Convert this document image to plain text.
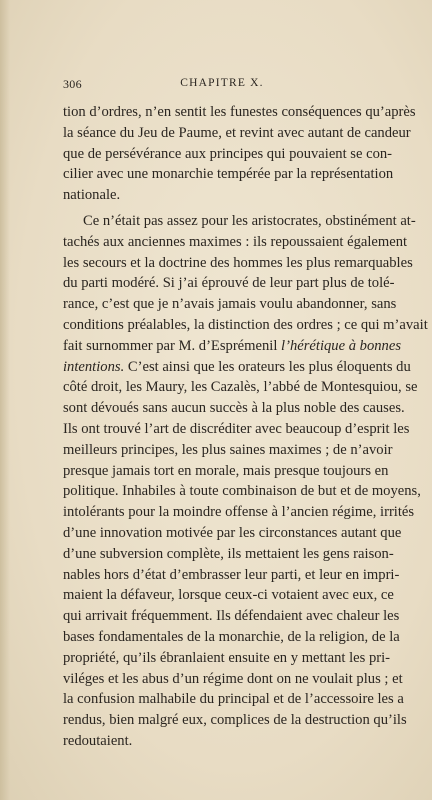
306	CHAPITRE X.
tion d’ordres, n’en sentit les funestes conséquences qu’après
la séance du Jeu de Paume, et revint avec autant de candeur
que de persévérance aux principes qui pouvaient se con-
cilier avec une monarchie tempérée par la représentation
nationale.
Ce n’était pas assez pour les aristocrates, obstinément at-
tachés aux anciennes maximes : ils repoussaient également
les secours et la doctrine des hommes les plus remarquables
du parti modéré. Si j’ai éprouvé de leur part plus de tolé-
rance, c’est que je n’avais jamais voulu abandonner, sans
conditions préalables, la distinction des ordres ; ce qui m’avait
fait surnommer par M. d’Esprémenil l’hérétique à bonnes
intentions. C’est ainsi que les orateurs les plus éloquents du
côté droit, les Maury, les Cazalès, l’abbé de Montesquiou, se
sont dévoués sans aucun succès à la plus noble des causes.
Ils ont trouvé l’art de discréditer avec beaucoup d’esprit les
meilleurs principes, les plus saines maximes ; de n’avoir
presque jamais tort en morale, mais presque toujours en
politique. Inhabiles à toute combinaison de but et de moyens,
intolérants pour la moindre offense à l’ancien régime, irrités
d’une innovation motivée par les circonstances autant que
d’une subversion complète, ils mettaient les gens raison-
nables hors d’état d’embrasser leur parti, et leur en impri-
maient la défaveur, lorsque ceux-ci votaient avec eux, ce
qui arrivait fréquemment. Ils défendaient avec chaleur les
bases fondamentales de la monarchie, de la religion, de la
propriété, qu’ils ébranlaient ensuite en y mettant les pri-
viléges et les abus d’un régime dont on ne voulait plus ; et
la confusion malhabile du principal et de l’accessoire les a
rendus, bien malgré eux, complices de la destruction qu’ils
redoutaient.
